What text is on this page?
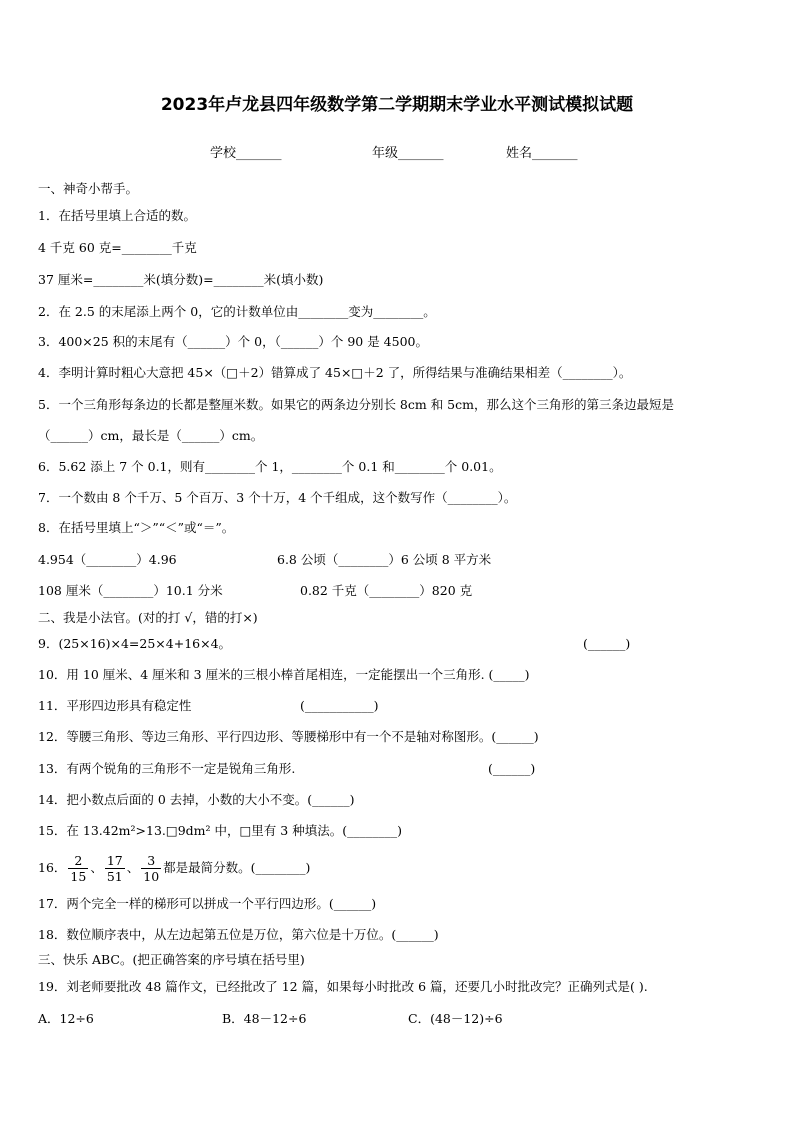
2023年卢龙县四年级数学第二学期期末学业水平测试模拟试题
学校_______	年级_______	姓名_______
一、神奇小帮手。
1．在括号里填上合适的数。
4 千克 60 克=________千克
37 厘米=________米(填分数)=________米(填小数)
2．在 2.5 的末尾添上两个 0，它的计数单位由________变为________。
3．400×25 积的末尾有（______）个 0，（______）个 90 是 4500。
4．李明计算时粗心大意把 45×（□＋2）错算成了 45×□＋2 了，所得结果与准确结果相差（________）。
5．一个三角形每条边的长都是整厘米数。如果它的两条边分别长 8cm 和 5cm，那么这个三角形的第三条边最短是
（______）cm，最长是（______）cm。
6．5.62 添上 7 个 0.1，则有________个 1，________个 0.1 和________个 0.01。
7．一个数由 8 个千万、5 个百万、3 个十万，4 个千组成，这个数写作（________）。
8．在括号里填上“＞”“＜”或“＝”。
二、我是小法官。(对的打 √，错的打×)
10．用 10 厘米、4 厘米和 3 厘米的三根小棒首尾相连，一定能摆出一个三角形. (_____)
12．等腰三角形、等边三角形、平行四边形、等腰梯形中有一个不是轴对称图形。(______)
14．把小数点后面的 0 去掉，小数的大小不变。(______)
15．在 13.42m²>13.□9dm² 中，□里有 3 种填法。(________)
17．两个完全一样的梯形可以拼成一个平行四边形。(______)
18．数位顺序表中，从左边起第五位是万位，第六位是十万位。(______)
三、快乐 ABC。(把正确答案的序号填在括号里)
19．刘老师要批改 48 篇作文，已经批改了 12 篇，如果每小时批改 6 篇，还要几小时批改完？正确列式是( ).
4.954（________）4.96	6.8 公顷（________）6 公顷 8 平方米
108 厘米（________）10.1 分米	0.82 千克（________）820 克
9．(25×16)×4=25×4+16×4。	(______)
11．平形四边形具有稳定性	(___________)
13．有两个锐角的三角形不一定是锐角三角形.	(______)
A．12÷6	B．48－12÷6	C．(48－12)÷6
16． $\frac{2}{15}$ 、 $\frac{17}{51}$ 、 $\frac{3}{10}$ 都是最简分数。(________)
